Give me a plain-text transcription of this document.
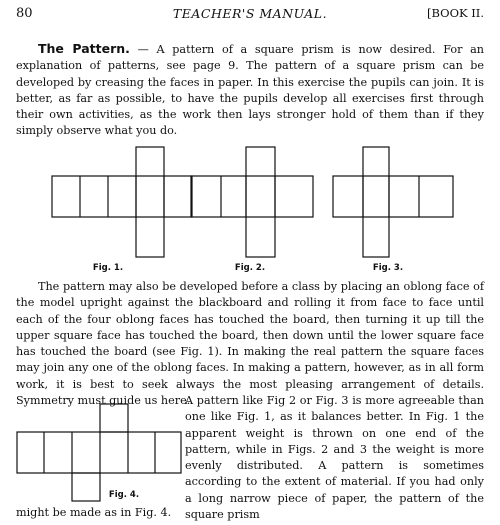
80	TEACHER'S MANUAL.	[BOOK II.
The Pattern. — A pattern of a square prism is now desired. For an explanation of patterns, see page 9. The pattern of a square prism can be developed by creasing the faces in paper. In this exercise the pupils can join. It is better, as far as possible, to have the pupils develop all exercises first through their own activities, as the work then lays stronger hold of them than if they simply observe what you do.
Fig. 1.	Fig. 2.	Fig. 3.
Fig. 4.
The pattern may also be developed before a class by placing an oblong face of the model upright against the blackboard and rolling it from face to face until each of the four oblong faces has touched the board, then turning it up till the upper square face has touched the board, then down until the lower square face has touched the board (see Fig. 1). In making the real pattern the square faces may join any one of the oblong faces. In making a pattern, however, as in all form work, it is best to seek always the most pleasing arrangement of details. Symmetry must guide us here.
A pattern like Fig 2 or Fig. 3 is more agreeable than one like Fig. 1, as it balances better. In Fig. 1 the apparent weight is thrown on one end of the pattern, while in Figs. 2 and 3 the weight is more evenly distributed. A pattern is sometimes according to the extent of material. If you had only a long narrow piece of paper, the pattern of the square prism
might be made as in Fig. 4.
